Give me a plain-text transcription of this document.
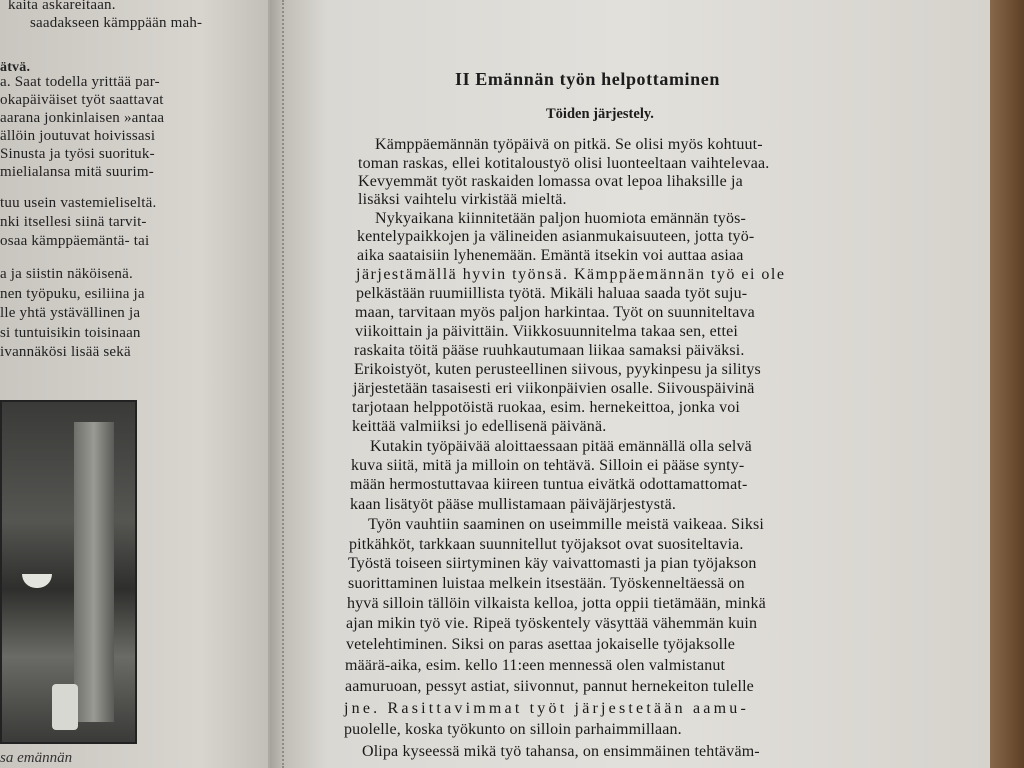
kaita askareitaan.
saadakseen kämppään mah-
ätvä.
a. Saat todella yrittää par-
okapäiväiset työt saattavat
aarana jonkinlaisen »antaa
ällöin joutuvat hoivissasi
Sinusta ja työsi suorituk-
mielialansa mitä suurim-
tuu usein vastemieliseltä.
nki itsellesi siinä tarvit-
osaa kämppäemäntä- tai
a ja siistin näköisenä.
nen työpuku, esiliina ja
lle yhtä ystävällinen ja
si tuntuisikin toisinaan
ivannäkösi lisää sekä
sa emännän
II Emännän työn helpottaminen
Töiden järjestely.
Kämppäemännän työpäivä on pitkä. Se olisi myös kohtuut-
toman raskas, ellei kotitaloustyö olisi luonteeltaan vaihtelevaa.
Kevyemmät työt raskaiden lomassa ovat lepoa lihaksille ja
lisäksi vaihtelu virkistää mieltä.
Nykyaikana kiinnitetään paljon huomiota emännän työs-
kentelypaikkojen ja välineiden asianmukaisuuteen, jotta työ-
aika saataisiin lyhenemään. Emäntä itsekin voi auttaa asiaa
järjestämällä hyvin työnsä. Kämppäemännän työ ei ole
pelkästään ruumiillista työtä. Mikäli haluaa saada työt suju-
maan, tarvitaan myös paljon harkintaa. Työt on suunniteltava
viikoittain ja päivittäin. Viikkosuunnitelma takaa sen, ettei
raskaita töitä pääse ruuhkautumaan liikaa samaksi päiväksi.
Erikoistyöt, kuten perusteellinen siivous, pyykinpesu ja silitys
järjestetään tasaisesti eri viikonpäivien osalle. Siivouspäivinä
tarjotaan helppotöistä ruokaa, esim. hernekeittoa, jonka voi
keittää valmiiksi jo edellisenä päivänä.
Kutakin työpäivää aloittaessaan pitää emännällä olla selvä
kuva siitä, mitä ja milloin on tehtävä. Silloin ei pääse synty-
mään hermostuttavaa kiireen tuntua eivätkä odottamattomat-
kaan lisätyöt pääse mullistamaan päiväjärjestystä.
Työn vauhtiin saaminen on useimmille meistä vaikeaa. Siksi
pitkähköt, tarkkaan suunnitellut työjaksot ovat suositeltavia.
Työstä toiseen siirtyminen käy vaivattomasti ja pian työjakson
suorittaminen luistaa melkein itsestään. Työskenneltäessä on
hyvä silloin tällöin vilkaista kelloa, jotta oppii tietämään, minkä
ajan mikin työ vie. Ripeä työskentely väsyttää vähemmän kuin
vetelehtiminen. Siksi on paras asettaa jokaiselle työjaksolle
määrä-aika, esim. kello 11:een mennessä olen valmistanut
aamuruoan, pessyt astiat, siivonnut, pannut hernekeiton tulelle
jne. Rasittavimmat työt järjestetään aamu-
puolelle, koska työkunto on silloin parhaimmillaan.
Olipa kyseessä mikä työ tahansa, on ensimmäinen tehtäväm-
